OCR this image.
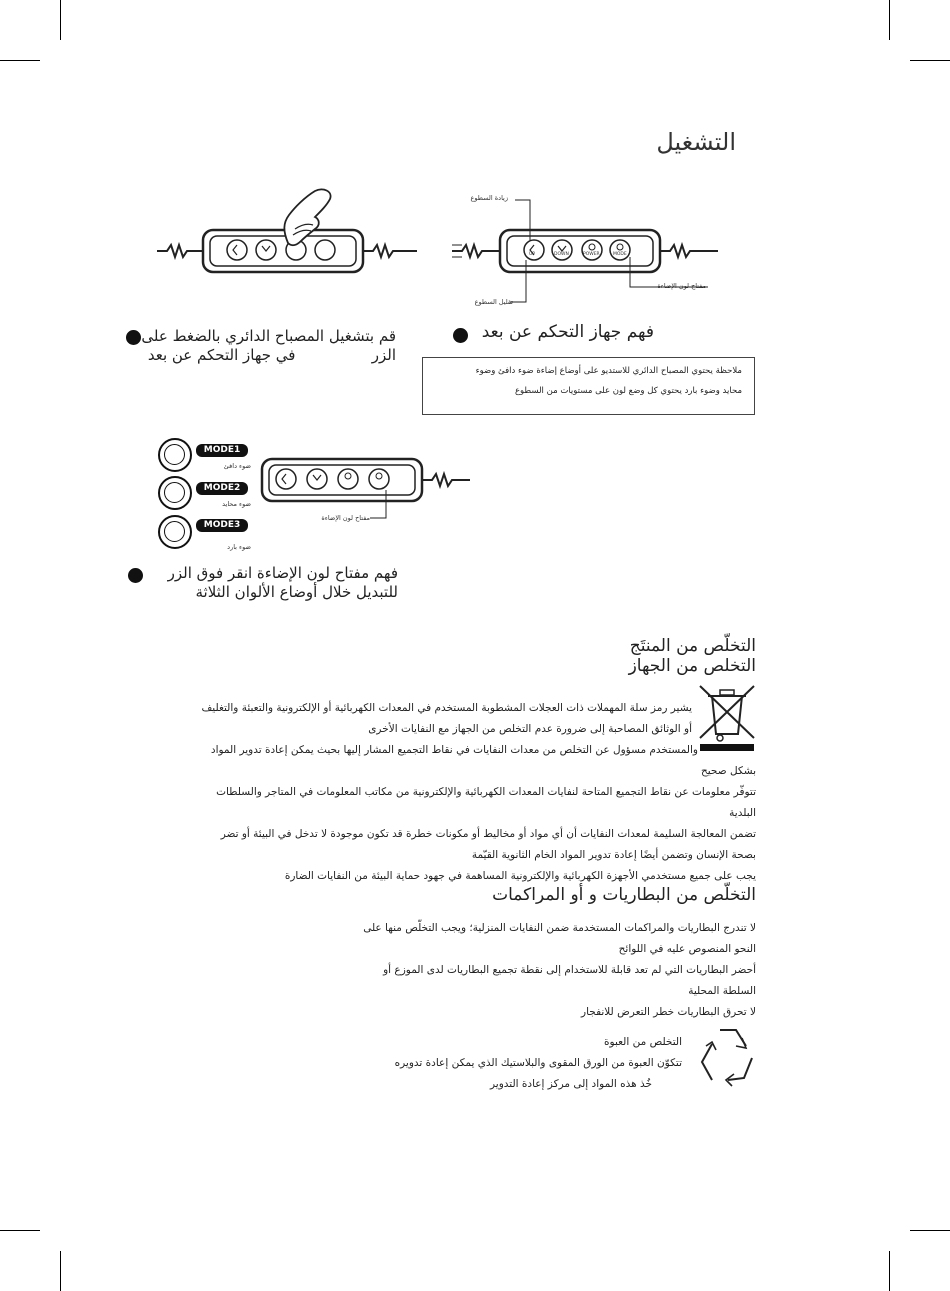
التشغيل
UP	DOWN	POWER	MODE
زيادة السطوع
تقليل السطوع
مفتاح لون الإضاءة
فهم جهاز التحكم عن بعد
ملاحظة يحتوي المصباح الدائري للاستديو على أوضاع إضاءة ضوء دافئ وضوء
محايد وضوء بارد يحتوي كل وضع لون على مستويات من السطوع
قم بتشغيل المصباح الدائري بالضغط على
الزر                في جهاز التحكم عن بعد
MODE1
MODE2
MODE3
ضوء دافئ
ضوء محايد
ضوء بارد
مفتاح لون الإضاءة
فهم مفتاح لون الإضاءة انقر فوق الزر
للتبديل خلال أوضاع الألوان الثلاثة
التخلّص من المنتَج
التخلص من الجهاز
يشير رمز سلة المهملات ذات العجلات المشطوبة المستخدم في المعدات الكهربائية أو الإلكترونية والتعبئة والتغليف
أو الوثائق المصاحبة إلى ضرورة عدم التخلص من الجهاز مع النفايات الأخرى
والمستخدم مسؤول عن التخلص من معدات النفايات في نقاط التجميع المشار إليها بحيث يمكن إعادة تدوير المواد
بشكل صحيح
تتوفّر معلومات عن نقاط التجميع المتاحة لنفايات المعدات الكهربائية والإلكترونية من مكاتب المعلومات في المتاجر والسلطات
البلدية
تضمن المعالجة السليمة لمعدات النفايات أن أي مواد أو مخاليط أو مكونات خطرة قد تكون موجودة لا تدخل في البيئة أو تضر
بصحة الإنسان وتضمن أيضًا إعادة تدوير المواد الخام الثانوية القيّمة
يجب على جميع مستخدمي الأجهزة الكهربائية والإلكترونية المساهمة في جهود حماية البيئة من النفايات الضارة
التخلّص من البطاريات و أو المراكمات
لا تندرج البطاريات والمراكمات المستخدمة ضمن النفايات المنزلية؛ ويجب التخلّص منها على
النحو المنصوص عليه في اللوائح
أحضر البطاريات التي لم تعد قابلة للاستخدام إلى نقطة تجميع البطاريات لدى الموزع أو
السلطة المحلية
لا تحرق البطاريات خطر التعرض للانفجار
التخلص من العبوة
تتكوّن العبوة من الورق المقوى والبلاستيك الذي يمكن إعادة تدويره
خُذ هذه المواد إلى مركز إعادة التدوير
